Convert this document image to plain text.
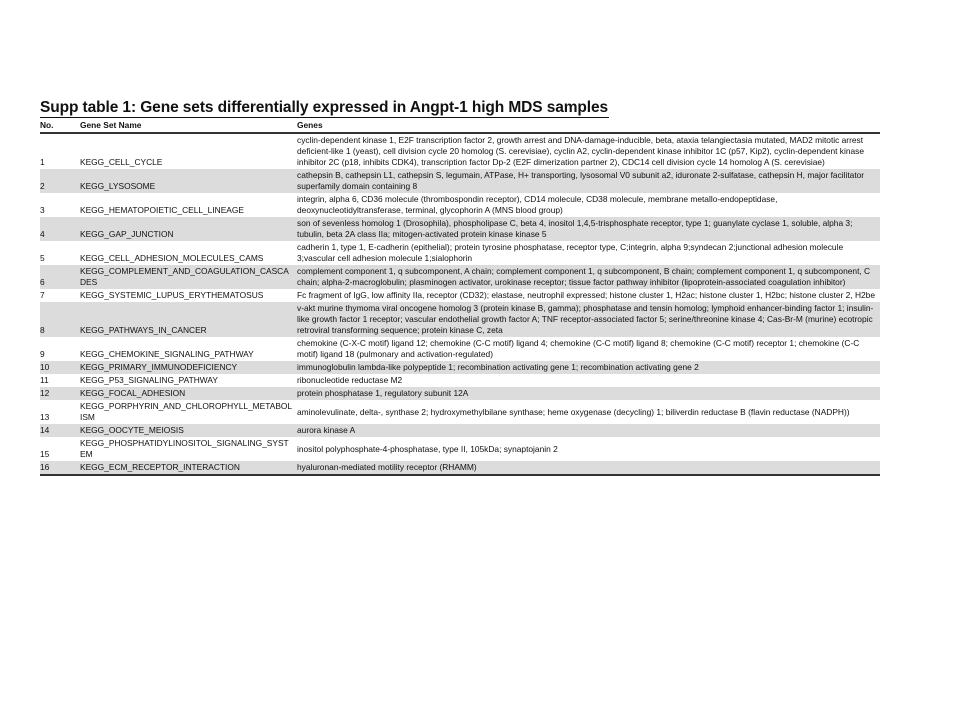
Supp table 1: Gene sets differentially expressed in Angpt-1 high MDS samples
No.	Gene Set Name	Genes
1	KEGG_CELL_CYCLE	cyclin-dependent kinase 1, E2F transcription factor 2, growth arrest and DNA-damage-inducible, beta, ataxia telangiectasia mutated, MAD2 mitotic arrest deficient-like 1 (yeast), cell division cycle 20 homolog (S. cerevisiae), cyclin A2, cyclin-dependent kinase inhibitor 1C (p57, Kip2), cyclin-dependent kinase inhibitor 2C (p18, inhibits CDK4), transcription factor Dp-2 (E2F dimerization partner 2), CDC14 cell division cycle 14 homolog A (S. cerevisiae)
2	KEGG_LYSOSOME	cathepsin B, cathepsin L1, cathepsin S, legumain, ATPase, H+ transporting, lysosomal V0 subunit a2, iduronate 2-sulfatase, cathepsin H, major facilitator superfamily domain containing 8
3	KEGG_HEMATOPOIETIC_CELL_LINEAGE	integrin, alpha 6, CD36 molecule (thrombospondin receptor), CD14 molecule, CD38 molecule, membrane metallo-endopeptidase, deoxynucleotidyltransferase, terminal, glycophorin A (MNS blood group)
4	KEGG_GAP_JUNCTION	son of sevenless homolog 1 (Drosophila), phospholipase C, beta 4, inositol 1,4,5-trisphosphate receptor, type 1; guanylate cyclase 1, soluble, alpha 3; tubulin, beta 2A class IIa; mitogen-activated protein kinase kinase 5
5	KEGG_CELL_ADHESION_MOLECULES_CAMS	cadherin 1, type 1, E-cadherin (epithelial); protein tyrosine phosphatase, receptor type, C;integrin, alpha 9;syndecan 2;junctional adhesion molecule 3;vascular cell adhesion molecule 1;sialophorin
6	KEGG_COMPLEMENT_AND_COAGULATION_CASCADES	complement component 1, q subcomponent, A chain; complement component 1, q subcomponent, B chain; complement component 1, q subcomponent, C chain; alpha-2-macroglobulin; plasminogen activator, urokinase receptor; tissue factor pathway inhibitor (lipoprotein-associated coagulation inhibitor)
7	KEGG_SYSTEMIC_LUPUS_ERYTHEMATOSUS	Fc fragment of IgG, low affinity IIa, receptor (CD32); elastase, neutrophil expressed; histone cluster 1, H2ac; histone cluster 1, H2bc; histone cluster 2, H2be
8	KEGG_PATHWAYS_IN_CANCER	v-akt murine thymoma viral oncogene homolog 3 (protein kinase B, gamma); phosphatase and tensin homolog; lymphoid enhancer-binding factor 1; insulin-like growth factor 1 receptor; vascular endothelial growth factor A; TNF receptor-associated factor 5; serine/threonine kinase 4; Cas-Br-M (murine) ecotropic retroviral transforming sequence; protein kinase C, zeta
9	KEGG_CHEMOKINE_SIGNALING_PATHWAY	chemokine (C-X-C motif) ligand 12; chemokine (C-C motif) ligand 4; chemokine (C-C motif) ligand 8; chemokine (C-C motif) receptor 1; chemokine (C-C motif) ligand 18 (pulmonary and activation-regulated)
10	KEGG_PRIMARY_IMMUNODEFICIENCY	immunoglobulin lambda-like polypeptide 1; recombination activating gene 1; recombination activating gene 2
11	KEGG_P53_SIGNALING_PATHWAY	ribonucleotide reductase M2
12	KEGG_FOCAL_ADHESION	protein phosphatase 1, regulatory subunit 12A
13	KEGG_PORPHYRIN_AND_CHLOROPHYLL_METABOLISM	aminolevulinate, delta-, synthase 2; hydroxymethylbilane synthase; heme oxygenase (decycling) 1; biliverdin reductase B (flavin reductase (NADPH))
14	KEGG_OOCYTE_MEIOSIS	aurora kinase A
15	KEGG_PHOSPHATIDYLINOSITOL_SIGNALING_SYSTEM	inositol polyphosphate-4-phosphatase, type II, 105kDa; synaptojanin 2
16	KEGG_ECM_RECEPTOR_INTERACTION	hyaluronan-mediated motility receptor (RHAMM)
